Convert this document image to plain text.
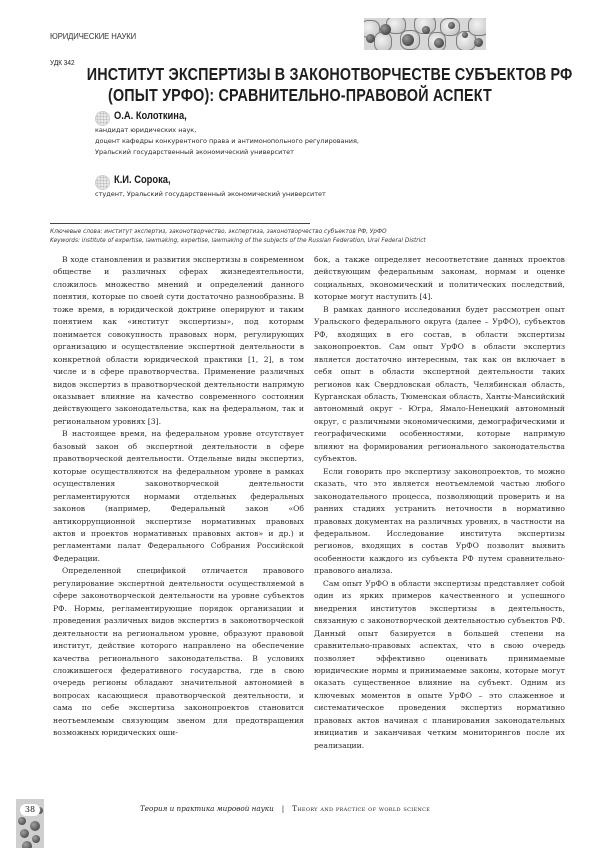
ЮРИДИЧЕСКИЕ НАУКИ
УДК 342
ИНСТИТУТ ЭКСПЕРТИЗЫ В ЗАКОНОТВОРЧЕСТВЕ СУБЪЕКТОВ РФ
(ОПЫТ УРФО): СРАВНИТЕЛЬНО-ПРАВОВОЙ АСПЕКТ
О.А. Колоткина,
кандидат юридических наук,
доцент кафедры конкурентного права и антимонопольного регулирования,
Уральский государственный экономический университет
К.И. Сорока,
студент, Уральский государственный экономический университет
Ключевые слова: институт экспертиз, законотворчество, экспертиза, законотворчество субъектов РФ, УрФО
Keywords: institute of expertise, lawmaking, expertise, lawmaking of the subjects of the Russian Federation, Ural Federal District

В ходе становления и развития экспертизы в современном обществе и различных сферах жизнедеятельности, сложилось множество мнений и определений данного понятия, которые по своей сути достаточно разнообразны. В тоже время, в юридической доктрине оперируют и таким понятием как «институт экспертизы», под которым понимается совокупность правовых норм, регулирующих организацию и осуществление экспертной деятельности в конкретной области юридической практики [1, 2], в том числе и в сфере правотворчества. Применение различных видов экспертиз в правотворческой деятельности напрямую оказывает влияние на качество современного состояния действующего законодательства, как на федеральном, так и региональном уровнях [3].

В настоящее время, на федеральном уровне отсутствует базовый закон об экспертной деятельности в сфере правотворческой деятельности. Отдельные виды экспертиз, которые осуществляются на федеральном уровне в рамках осуществления законотворческой деятельности регламентируются нормами отдельных федеральных законов (например, Федеральный закон «Об антикоррупционной экспертизе нормативных правовых актов и проектов нормативных правовых актов» и др.) и регламентами палат Федерального Собрания Российской Федерации.

Определенной спецификой отличается правового регулирование экспертной деятельности осуществляемой в сфере законотворческой деятельности на уровне субъектов РФ. Нормы, регламентирующие порядок организации и проведения различных видов экспертиз в законотворческой деятельности на региональном уровне, образуют правовой институт, действие которого направлено на обеспечение качества регионального законодательства. В условиях сложившегося федеративного государства, где в свою очередь регионы обладают значительной автономией в вопросах касающиеся правотворческой деятельности, и сама по себе экспертиза законопроектов становится неотъемлемым связующим звеном для предотвращения возможных юридических оши-

бок, а также определяет несоответствие данных проектов действующим федеральным законам, нормам и оценке социальных, экономический и политических последствий, которые могут наступить [4].

В рамках данного исследования будет рассмотрен опыт Уральского федерального округа (далее – УрФО), субъектов РФ, входящих в его состав, в области экспертизы законопроектов. Сам опыт УрФО в области экспертиз является достаточно интересным, так как он включает в себя опыт в области экспертной деятельности таких регионов как Свердловская область, Челябинская область, Курганская область, Тюменская область, Ханты-Мансийский автономный округ - Югра, Ямало-Ненецкий автономный округ, с различными экономическими, демографическими и географическими особенностями, которые напрямую влияют на формирования регионального законодательства субъектов.

Если говорить про экспертизу законопроектов, то можно сказать, что это является неотъемлемой частью любого законодательного процесса, позволяющий проверить и на ранних стадиях устранить неточности в нормативно правовых документах на различных уровнях, в частности на федеральном. Исследование института экспертизы регионов, входящих в состав УрФО позволит выявить особенности каждого из субъекта РФ путем сравнительно-правового анализа.

Сам опыт УрФО в области экспертизы представляет собой один из ярких примеров качественного и успешного внедрения институтов экспертизы в деятельность, связанную с законотворческой деятельностью субъектов РФ. Данный опыт базируется в большей степени на сравнительно-правовых аспектах, что в свою очередь позволяет эффективно оценивать принимаемые юридические нормы и принимаемые законы, которые могут оказать существенное влияние на субъект. Одним из ключевых моментов в опыте УрФО – это слаженное и систематическое проведения экспертиз нормативно правовых актов начиная с планирования законодательных инициатив и заканчивая четким мониторингов после их реализации.

38	Теория и практика мировой науки | Theory and practice of world science
